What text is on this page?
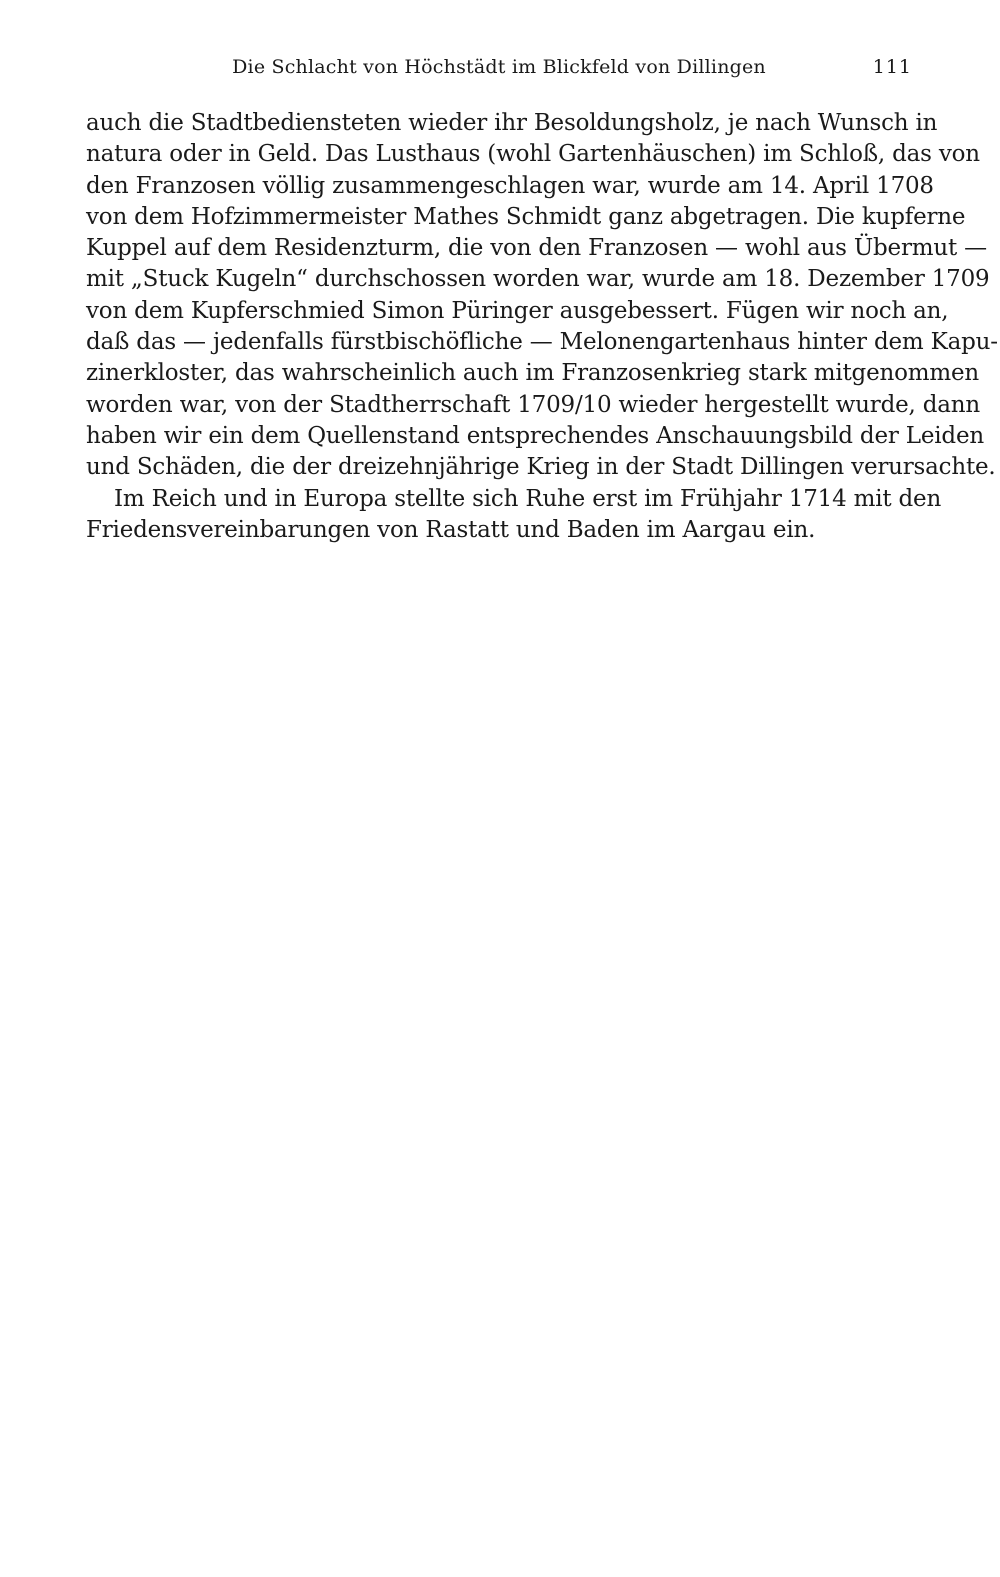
Die Schlacht von Höchstädt im Blickfeld von Dillingen	111
auch die Stadtbediensteten wieder ihr Besoldungsholz, je nach Wunsch in
natura oder in Geld. Das Lusthaus (wohl Gartenhäuschen) im Schloß, das von
den Franzosen völlig zusammengeschlagen war, wurde am 14. April 1708
von dem Hofzimmermeister Mathes Schmidt ganz abgetragen. Die kupferne
Kuppel auf dem Residenzturm, die von den Franzosen — wohl aus Übermut —
mit „Stuck Kugeln“ durchschossen worden war, wurde am 18. Dezember 1709
von dem Kupferschmied Simon Püringer ausgebessert. Fügen wir noch an,
daß das — jedenfalls fürstbischöfliche — Melonengartenhaus hinter dem Kapu-
zinerkloster, das wahrscheinlich auch im Franzosenkrieg stark mitgenommen
worden war, von der Stadtherrschaft 1709/10 wieder hergestellt wurde, dann
haben wir ein dem Quellenstand entsprechendes Anschauungsbild der Leiden
und Schäden, die der dreizehnjährige Krieg in der Stadt Dillingen verursachte.
Im Reich und in Europa stellte sich Ruhe erst im Frühjahr 1714 mit den
Friedensvereinbarungen von Rastatt und Baden im Aargau ein.
